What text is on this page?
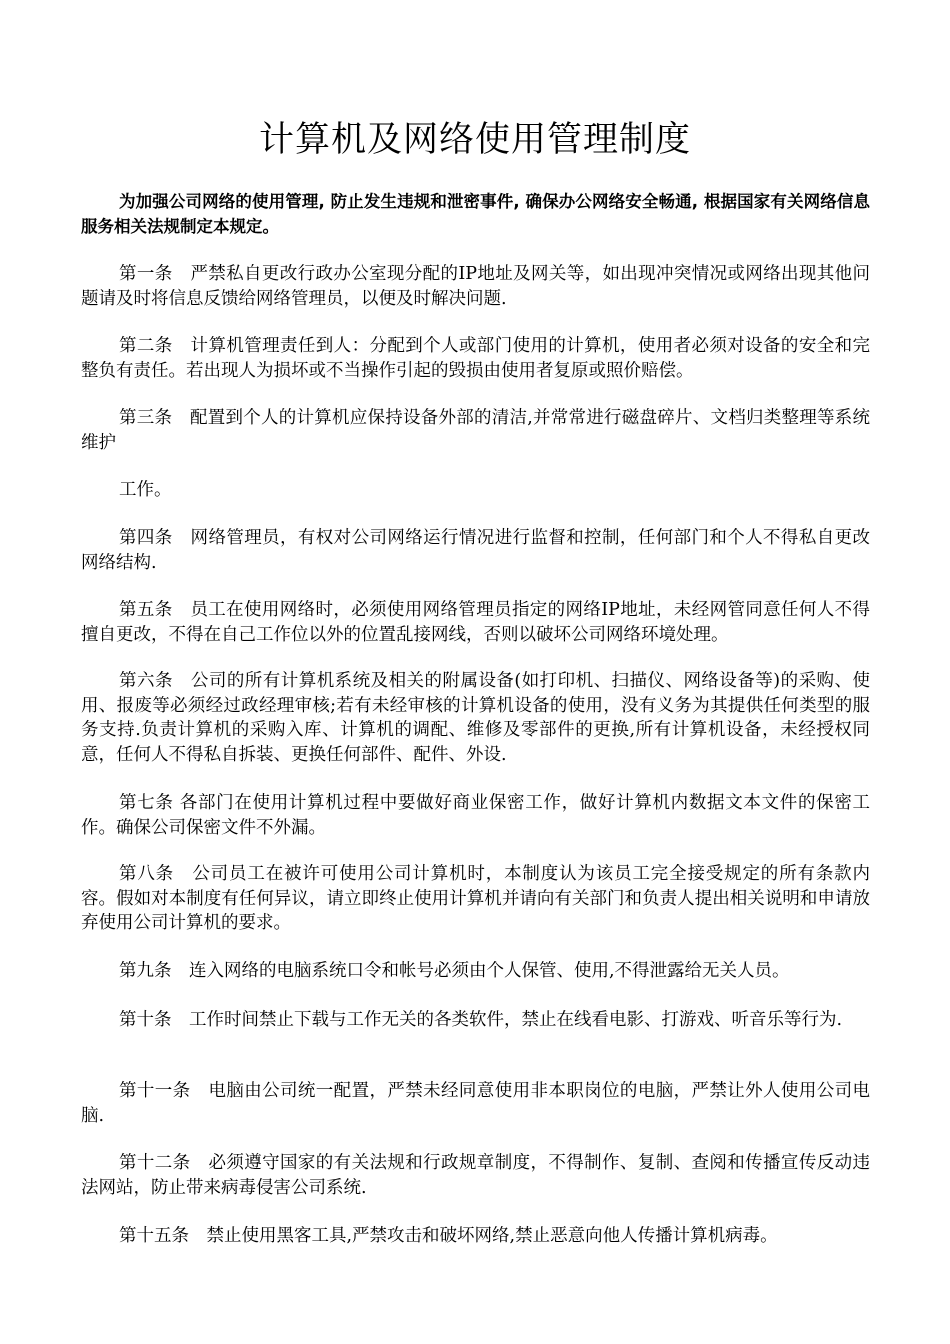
计算机及网络使用管理制度

为加强公司网络的使用管理, 防止发生违规和泄密事件, 确保办公网络安全畅通, 根据国家有关网络信息服务相关法规制定本规定。

第一条　严禁私自更改行政办公室现分配的IP地址及网关等，如出现冲突情况或网络出现其他问题请及时将信息反馈给网络管理员，以便及时解决问题.

第二条　计算机管理责任到人：分配到个人或部门使用的计算机，使用者必须对设备的安全和完整负有责任。若出现人为损坏或不当操作引起的毁损由使用者复原或照价赔偿。

第三条　配置到个人的计算机应保持设备外部的清洁,并常常进行磁盘碎片、文档归类整理等系统维护

工作。

第四条　网络管理员，有权对公司网络运行情况进行监督和控制，任何部门和个人不得私自更改网络结构.

第五条　员工在使用网络时，必须使用网络管理员指定的网络IP地址，未经网管同意任何人不得擅自更改，不得在自己工作位以外的位置乱接网线，否则以破坏公司网络环境处理。

第六条　公司的所有计算机系统及相关的附属设备(如打印机、扫描仪、网络设备等)的采购、使用、报废等必须经过政经理审核;若有未经审核的计算机设备的使用，没有义务为其提供任何类型的服务支持.负责计算机的采购入库、计算机的调配、维修及零部件的更换,所有计算机设备，未经授权同意，任何人不得私自拆装、更换任何部件、配件、外设.

第七条 各部门在使用计算机过程中要做好商业保密工作，做好计算机内数据文本文件的保密工作。确保公司保密文件不外漏。

第八条　公司员工在被许可使用公司计算机时，本制度认为该员工完全接受规定的所有条款内容。假如对本制度有任何异议，请立即终止使用计算机并请向有关部门和负责人提出相关说明和申请放弃使用公司计算机的要求。

第九条　连入网络的电脑系统口令和帐号必须由个人保管、使用,不得泄露给无关人员。

第十条　工作时间禁止下载与工作无关的各类软件，禁止在线看电影、打游戏、听音乐等行为.

第十一条　电脑由公司统一配置，严禁未经同意使用非本职岗位的电脑，严禁让外人使用公司电脑.

第十二条　必须遵守国家的有关法规和行政规章制度，不得制作、复制、查阅和传播宣传反动违法网站，防止带来病毒侵害公司系统.

第十五条　禁止使用黑客工具,严禁攻击和破坏网络,禁止恶意向他人传播计算机病毒。
